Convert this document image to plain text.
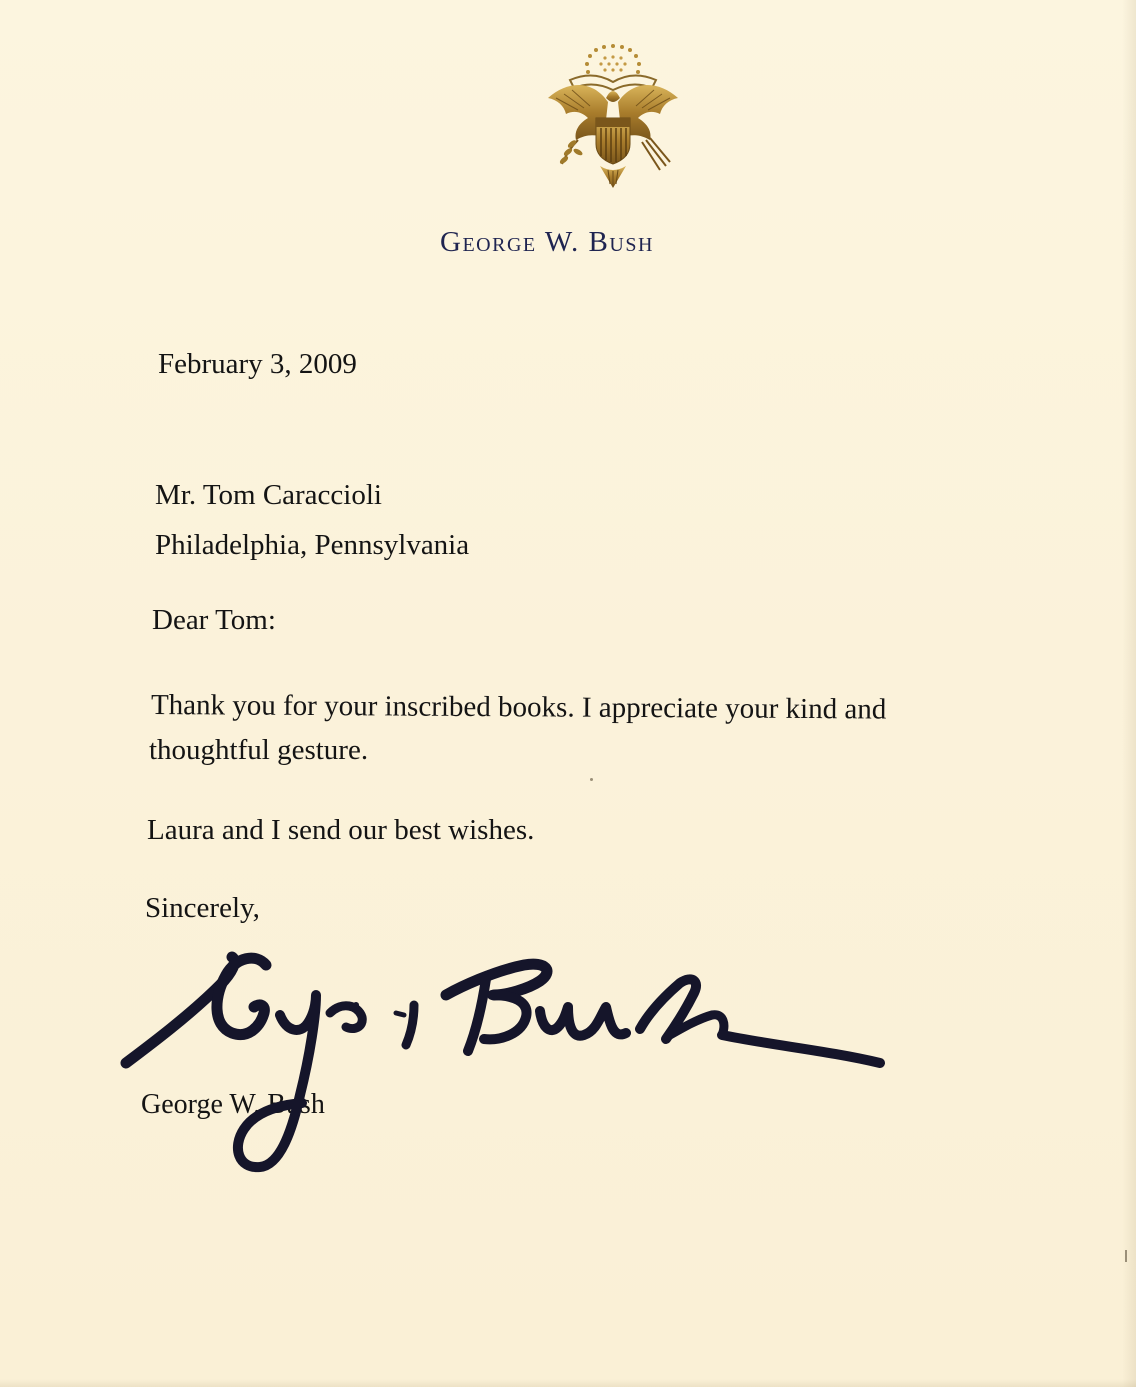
George W. Bush
February 3, 2009
Mr. Tom Caraccioli
Philadelphia, Pennsylvania
Dear Tom:
Thank you for your inscribed books. I appreciate your kind and
thoughtful gesture.
Laura and I send our best wishes.
Sincerely,
George W. Bush
